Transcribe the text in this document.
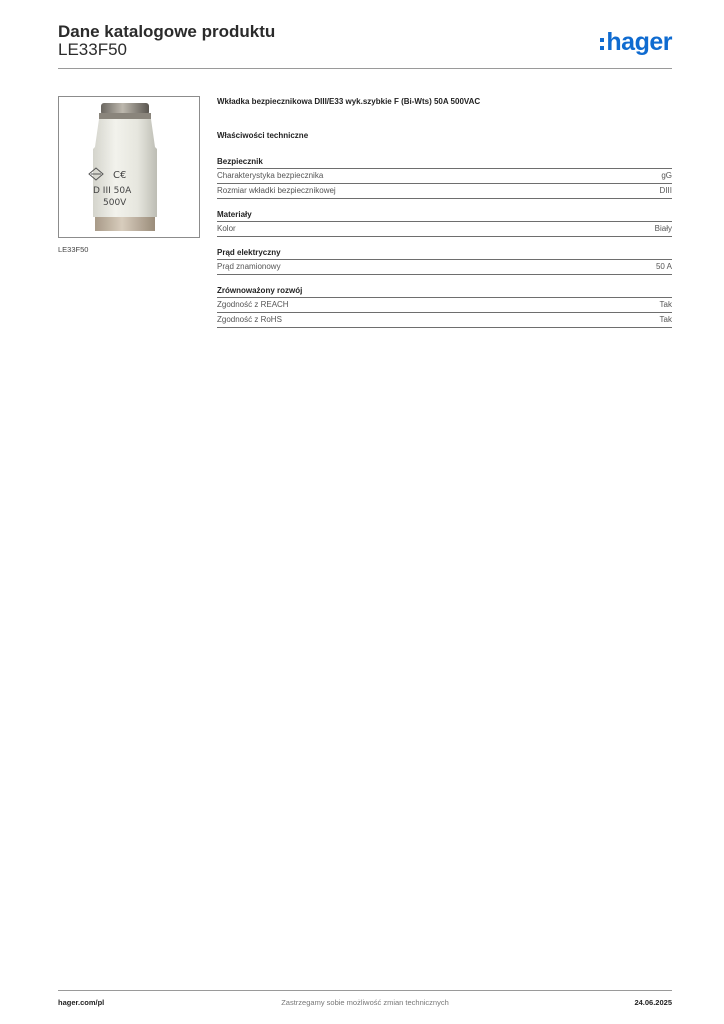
Dane katalogowe produktu
LE33F50	hager
C€
D III 50A
500V
LE33F50
Wkładka bezpiecznikowa DIII/E33 wyk.szybkie F (Bi-Wts) 50A 500VAC
Właściwości techniczne
Bezpiecznik
Charakterystyka bezpiecznika	gG
Rozmiar wkładki bezpiecznikowej	DIII
Materiały
Kolor	Biały
Prąd elektryczny
Prąd znamionowy	50 A
Zrównoważony rozwój
Zgodność z REACH	Tak
Zgodność z RoHS	Tak
Zastrzegamy sobie możliwość zmian technicznych
hager.com/pl	24.06.2025
